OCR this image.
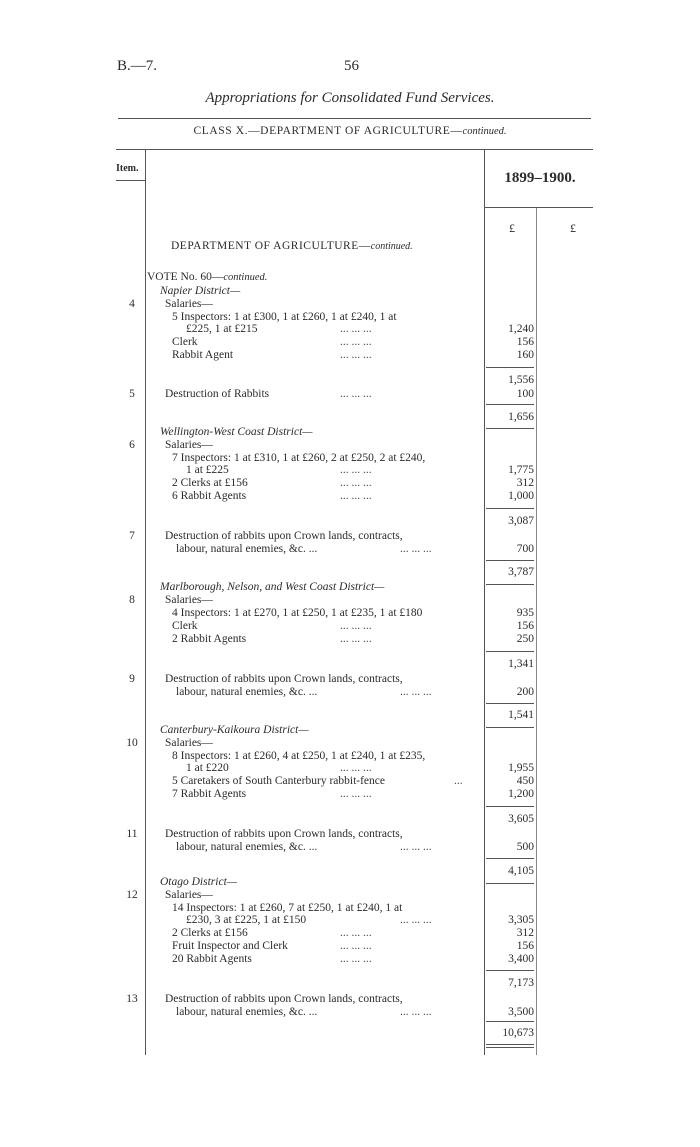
B.—7.	56
Appropriations for Consolidated Fund Services.
CLASS X.—DEPARTMENT OF AGRICULTURE—continued.
Item.
1899–1900.
£	£
DEPARTMENT OF AGRICULTURE—continued.
VOTE No. 60—continued.
Napier District—
4	Salaries—
5 Inspectors: 1 at £300, 1 at £260, 1 at £240, 1 at
£225, 1 at £215	... ... ...	1,240
Clerk	... ... ...	156
Rabbit Agent	... ... ...	160
1,556
5	Destruction of Rabbits	... ... ...	100
1,656
Wellington-West Coast District—
6	Salaries—
7 Inspectors: 1 at £310, 1 at £260, 2 at £250, 2 at £240,
1 at £225	... ... ...	1,775
2 Clerks at £156	... ... ...	312
6 Rabbit Agents	... ... ...	1,000
3,087
7	Destruction of rabbits upon Crown lands, contracts,
labour, natural enemies, &c. ...	... ... ...	700
3,787
Marlborough, Nelson, and West Coast District—
8	Salaries—
4 Inspectors: 1 at £270, 1 at £250, 1 at £235, 1 at £180	935
Clerk	... ... ...	156
2 Rabbit Agents	... ... ...	250
1,341
9	Destruction of rabbits upon Crown lands, contracts,
labour, natural enemies, &c. ...	... ... ...	200
1,541
Canterbury-Kaikoura District—
10	Salaries—
8 Inspectors: 1 at £260, 4 at £250, 1 at £240, 1 at £235,
1 at £220	... ... ...	1,955
5 Caretakers of South Canterbury rabbit-fence	...	450
7 Rabbit Agents	... ... ...	1,200
3,605
11	Destruction of rabbits upon Crown lands, contracts,
labour, natural enemies, &c. ...	... ... ...	500
4,105
Otago District—
12	Salaries—
14 Inspectors: 1 at £260, 7 at £250, 1 at £240, 1 at
£230, 3 at £225, 1 at £150	... ... ...	3,305
2 Clerks at £156	... ... ...	312
Fruit Inspector and Clerk	... ... ...	156
20 Rabbit Agents	... ... ...	3,400
7,173
13	Destruction of rabbits upon Crown lands, contracts,
labour, natural enemies, &c. ...	... ... ...	3,500
10,673
